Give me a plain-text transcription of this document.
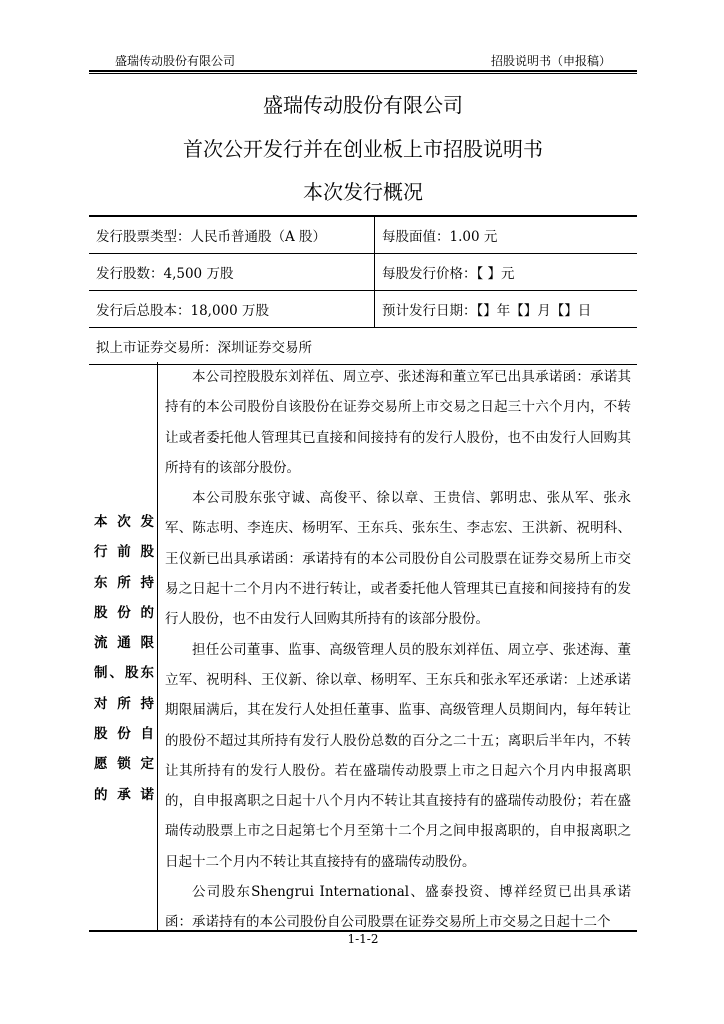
盛瑞传动股份有限公司	招股说明书（申报稿）
盛瑞传动股份有限公司
首次公开发行并在创业板上市招股说明书
本次发行概况
发行股票类型：人民币普通股（A 股）	每股面值：1.00 元
发行股数：4,500 万股	每股发行价格：【 】元
发行后总股本：18,000 万股	预计发行日期：【】年【】月【】日
拟上市证券交易所：深圳证券交易所	
本次发
行前股
东所持
股份的
流通限
制、股东
对所持
股份自
愿锁定
的承诺

本公司控股股东刘祥伍、周立亭、张述海和董立军已出具承诺函：承诺其持有的本公司股份自该股份在证券交易所上市交易之日起三十六个月内，不转让或者委托他人管理其已直接和间接持有的发行人股份，也不由发行人回购其所持有的该部分股份。

本公司股东张守诚、高俊平、徐以章、王贵信、郭明忠、张从军、张永军、陈志明、李连庆、杨明军、王东兵、张东生、李志宏、王洪新、祝明科、王仪新已出具承诺函：承诺持有的本公司股份自公司股票在证券交易所上市交易之日起十二个月内不进行转让，或者委托他人管理其已直接和间接持有的发行人股份，也不由发行人回购其所持有的该部分股份。

担任公司董事、监事、高级管理人员的股东刘祥伍、周立亭、张述海、董立军、祝明科、王仪新、徐以章、杨明军、王东兵和张永军还承诺：上述承诺期限届满后，其在发行人处担任董事、监事、高级管理人员期间内，每年转让的股份不超过其所持有发行人股份总数的百分之二十五；离职后半年内，不转让其所持有的发行人股份。若在盛瑞传动股票上市之日起六个月内申报离职的，自申报离职之日起十八个月内不转让其直接持有的盛瑞传动股份；若在盛瑞传动股票上市之日起第七个月至第十二个月之间申报离职的，自申报离职之日起十二个月内不转让其直接持有的盛瑞传动股份。

公司股东Shengrui International、盛泰投资、博祥经贸已出具承诺函：承诺持有的本公司股份自公司股票在证券交易所上市交易之日起十二个

1-1-2
